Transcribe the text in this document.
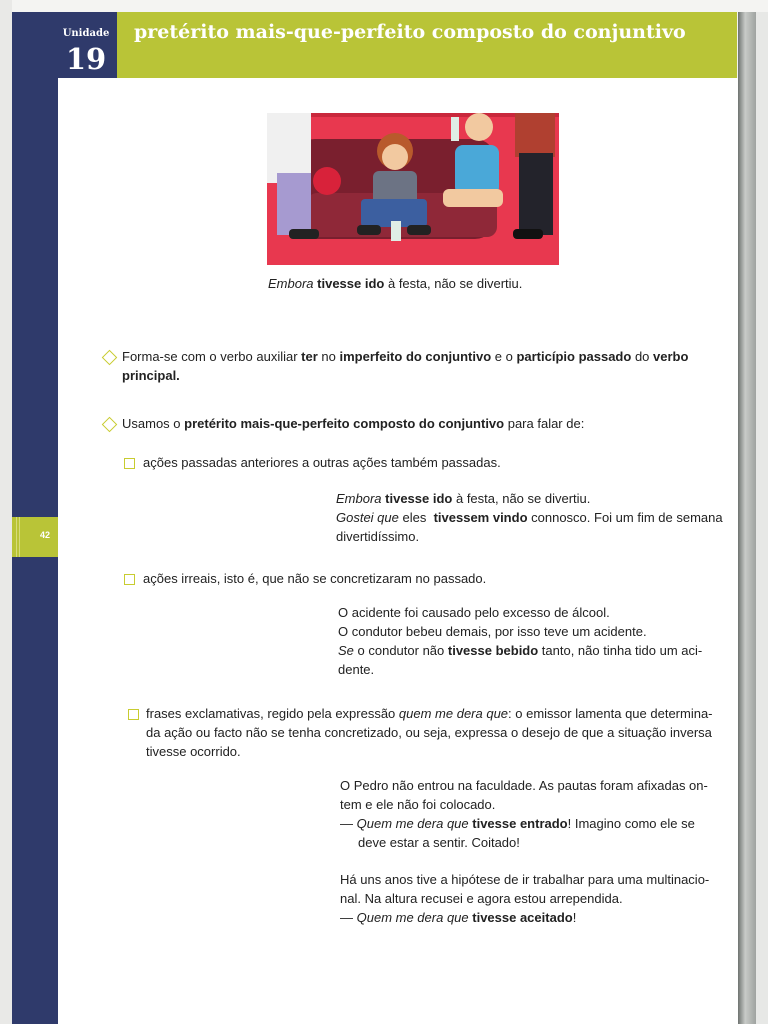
42
pretérito mais-que-perfeito composto do conjuntivo
Unidade
19
Embora tivesse ido à festa, não se divertiu.
Forma-se com o verbo auxiliar ter no imperfeito do conjuntivo e o particípio passado do verbo
principal.
Usamos o pretérito mais-que-perfeito composto do conjuntivo para falar de:
ações passadas anteriores a outras ações também passadas.
Embora tivesse ido à festa, não se divertiu.
Gostei que eles  tivessem vindo connosco. Foi um fim de semana
divertidíssimo.
ações irreais, isto é, que não se concretizaram no passado.
O acidente foi causado pelo excesso de álcool.
O condutor bebeu demais, por isso teve um acidente.
Se o condutor não tivesse bebido tanto, não tinha tido um aci-
dente.
frases exclamativas, regido pela expressão quem me dera que: o emissor lamenta que determina-
da ação ou facto não se tenha concretizado, ou seja, expressa o desejo de que a situação inversa
tivesse ocorrido.
O Pedro não entrou na faculdade. As pautas foram afixadas on-
tem e ele não foi colocado.
— Quem me dera que tivesse entrado! Imagino como ele se
deve estar a sentir. Coitado!
Há uns anos tive a hipótese de ir trabalhar para uma multinacio-
nal. Na altura recusei e agora estou arrependida.
— Quem me dera que tivesse aceitado!
